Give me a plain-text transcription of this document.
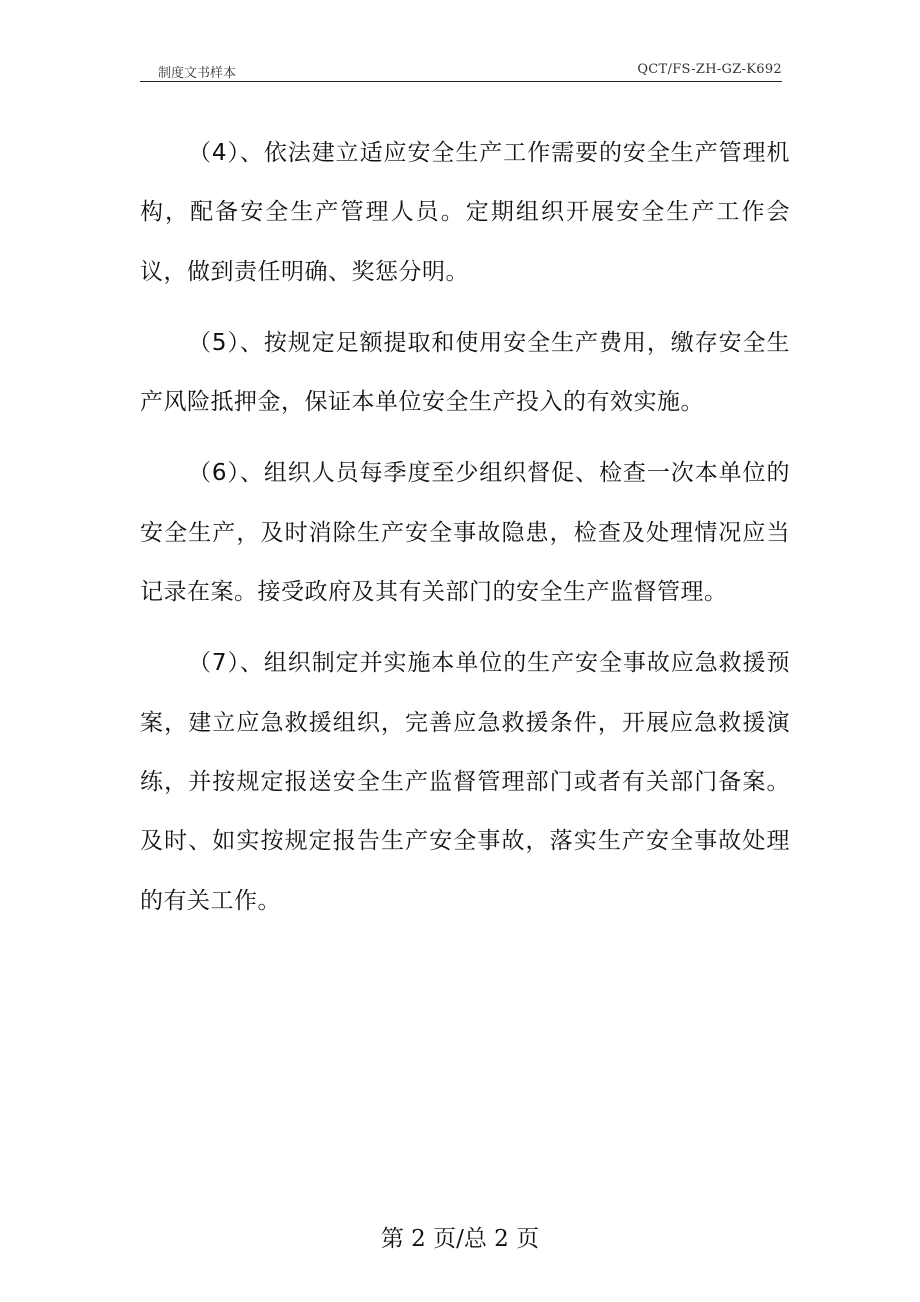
制度文书样本	QCT/FS-ZH-GZ-K692

（4）、依法建立适应安全生产工作需要的安全生产管理机构，配备安全生产管理人员。定期组织开展安全生产工作会议，做到责任明确、奖惩分明。

（5）、按规定足额提取和使用安全生产费用，缴存安全生产风险抵押金，保证本单位安全生产投入的有效实施。

（6）、组织人员每季度至少组织督促、检查一次本单位的安全生产，及时消除生产安全事故隐患，检查及处理情况应当记录在案。接受政府及其有关部门的安全生产监督管理。

（7）、组织制定并实施本单位的生产安全事故应急救援预案，建立应急救援组织，完善应急救援条件，开展应急救援演练，并按规定报送安全生产监督管理部门或者有关部门备案。及时、如实按规定报告生产安全事故，落实生产安全事故处理的有关工作。

第 2 页/总 2 页
